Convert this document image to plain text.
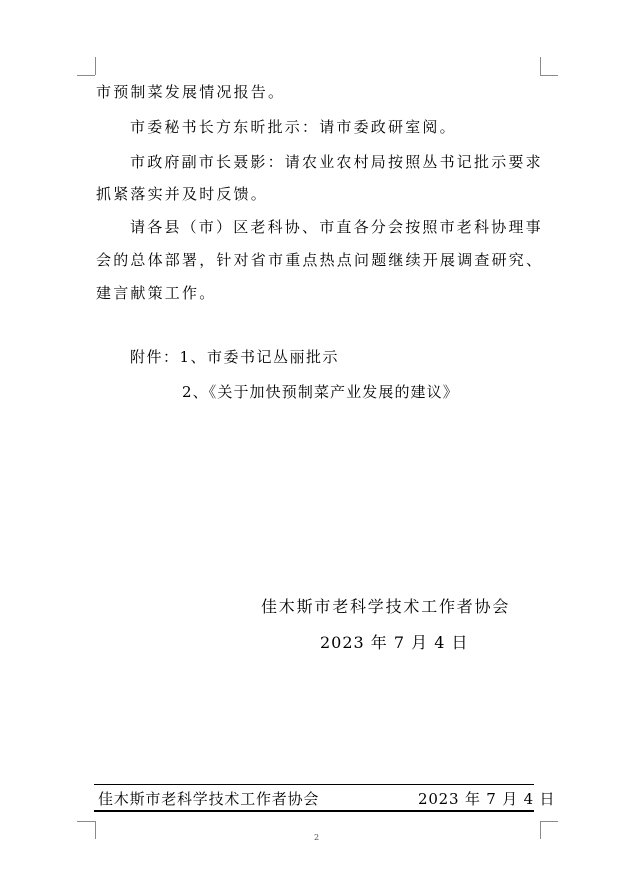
市预制菜发展情况报告。
市委秘书长方东昕批示：请市委政研室阅。
市政府副市长聂影：请农业农村局按照丛书记批示要求
抓紧落实并及时反馈。
请各县（市）区老科协、市直各分会按照市老科协理事
会的总体部署，针对省市重点热点问题继续开展调查研究、
建言献策工作。
附件：1、市委书记丛丽批示
2、《关于加快预制菜产业发展的建议》
佳木斯市老科学技术工作者协会
2023 年 7 月 4 日
佳木斯市老科学技术工作者协会	2023 年 7 月 4 日
2
